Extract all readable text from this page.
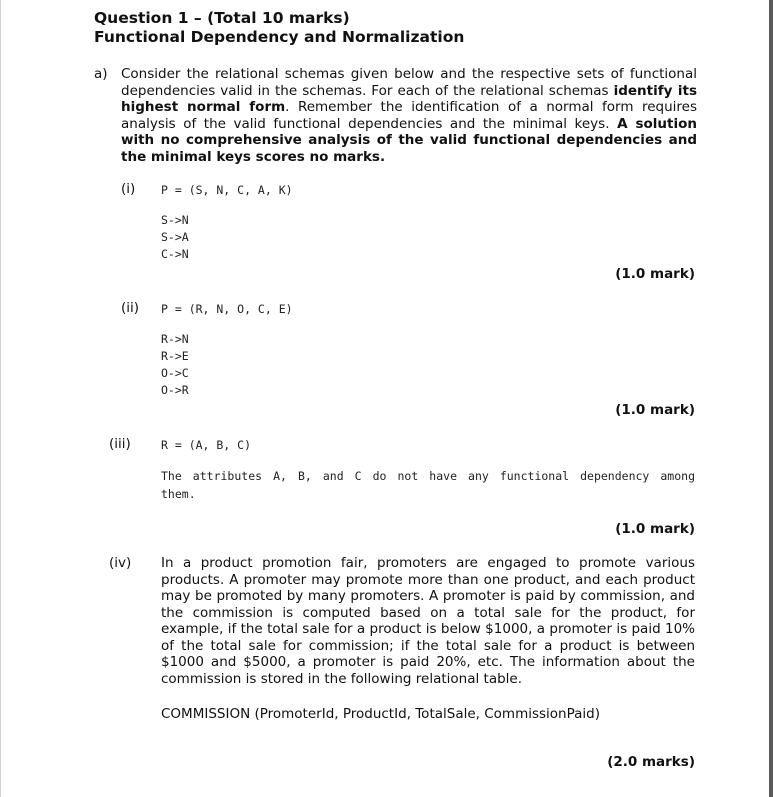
Question 1 – (Total 10 marks)

Functional Dependency and Normalization

a) Consider the relational schemas given below and the respective sets of functional dependencies valid in the schemas. For each of the relational schemas identify its highest normal form. Remember the identification of a normal form requires analysis of the valid functional dependencies and the minimal keys. A solution with no comprehensive analysis of the valid functional dependencies and the minimal keys scores no marks.

(i) P = (S, N, C, A, K)

S->N
S->A
C->N

(1.0 mark)

(ii) P = (R, N, O, C, E)

R->N
R->E
O->C
O->R

(1.0 mark)

(iii)	R = (A, B, C)

The attributes A, B, and C do not have any functional dependency among them.

(1.0 mark)

(iv) In a product promotion fair, promoters are engaged to promote various products. A promoter may promote more than one product, and each product may be promoted by many promoters. A promoter is paid by commission, and the commission is computed based on a total sale for the product, for example, if the total sale for a product is below $1000, a promoter is paid 10% of the total sale for commission; if the total sale for a product is between $1000 and $5000, a promoter is paid 20%, etc. The information about the commission is stored in the following relational table.

COMMISSION (PromoterId, ProductId, TotalSale, CommissionPaid)

(2.0 marks)
